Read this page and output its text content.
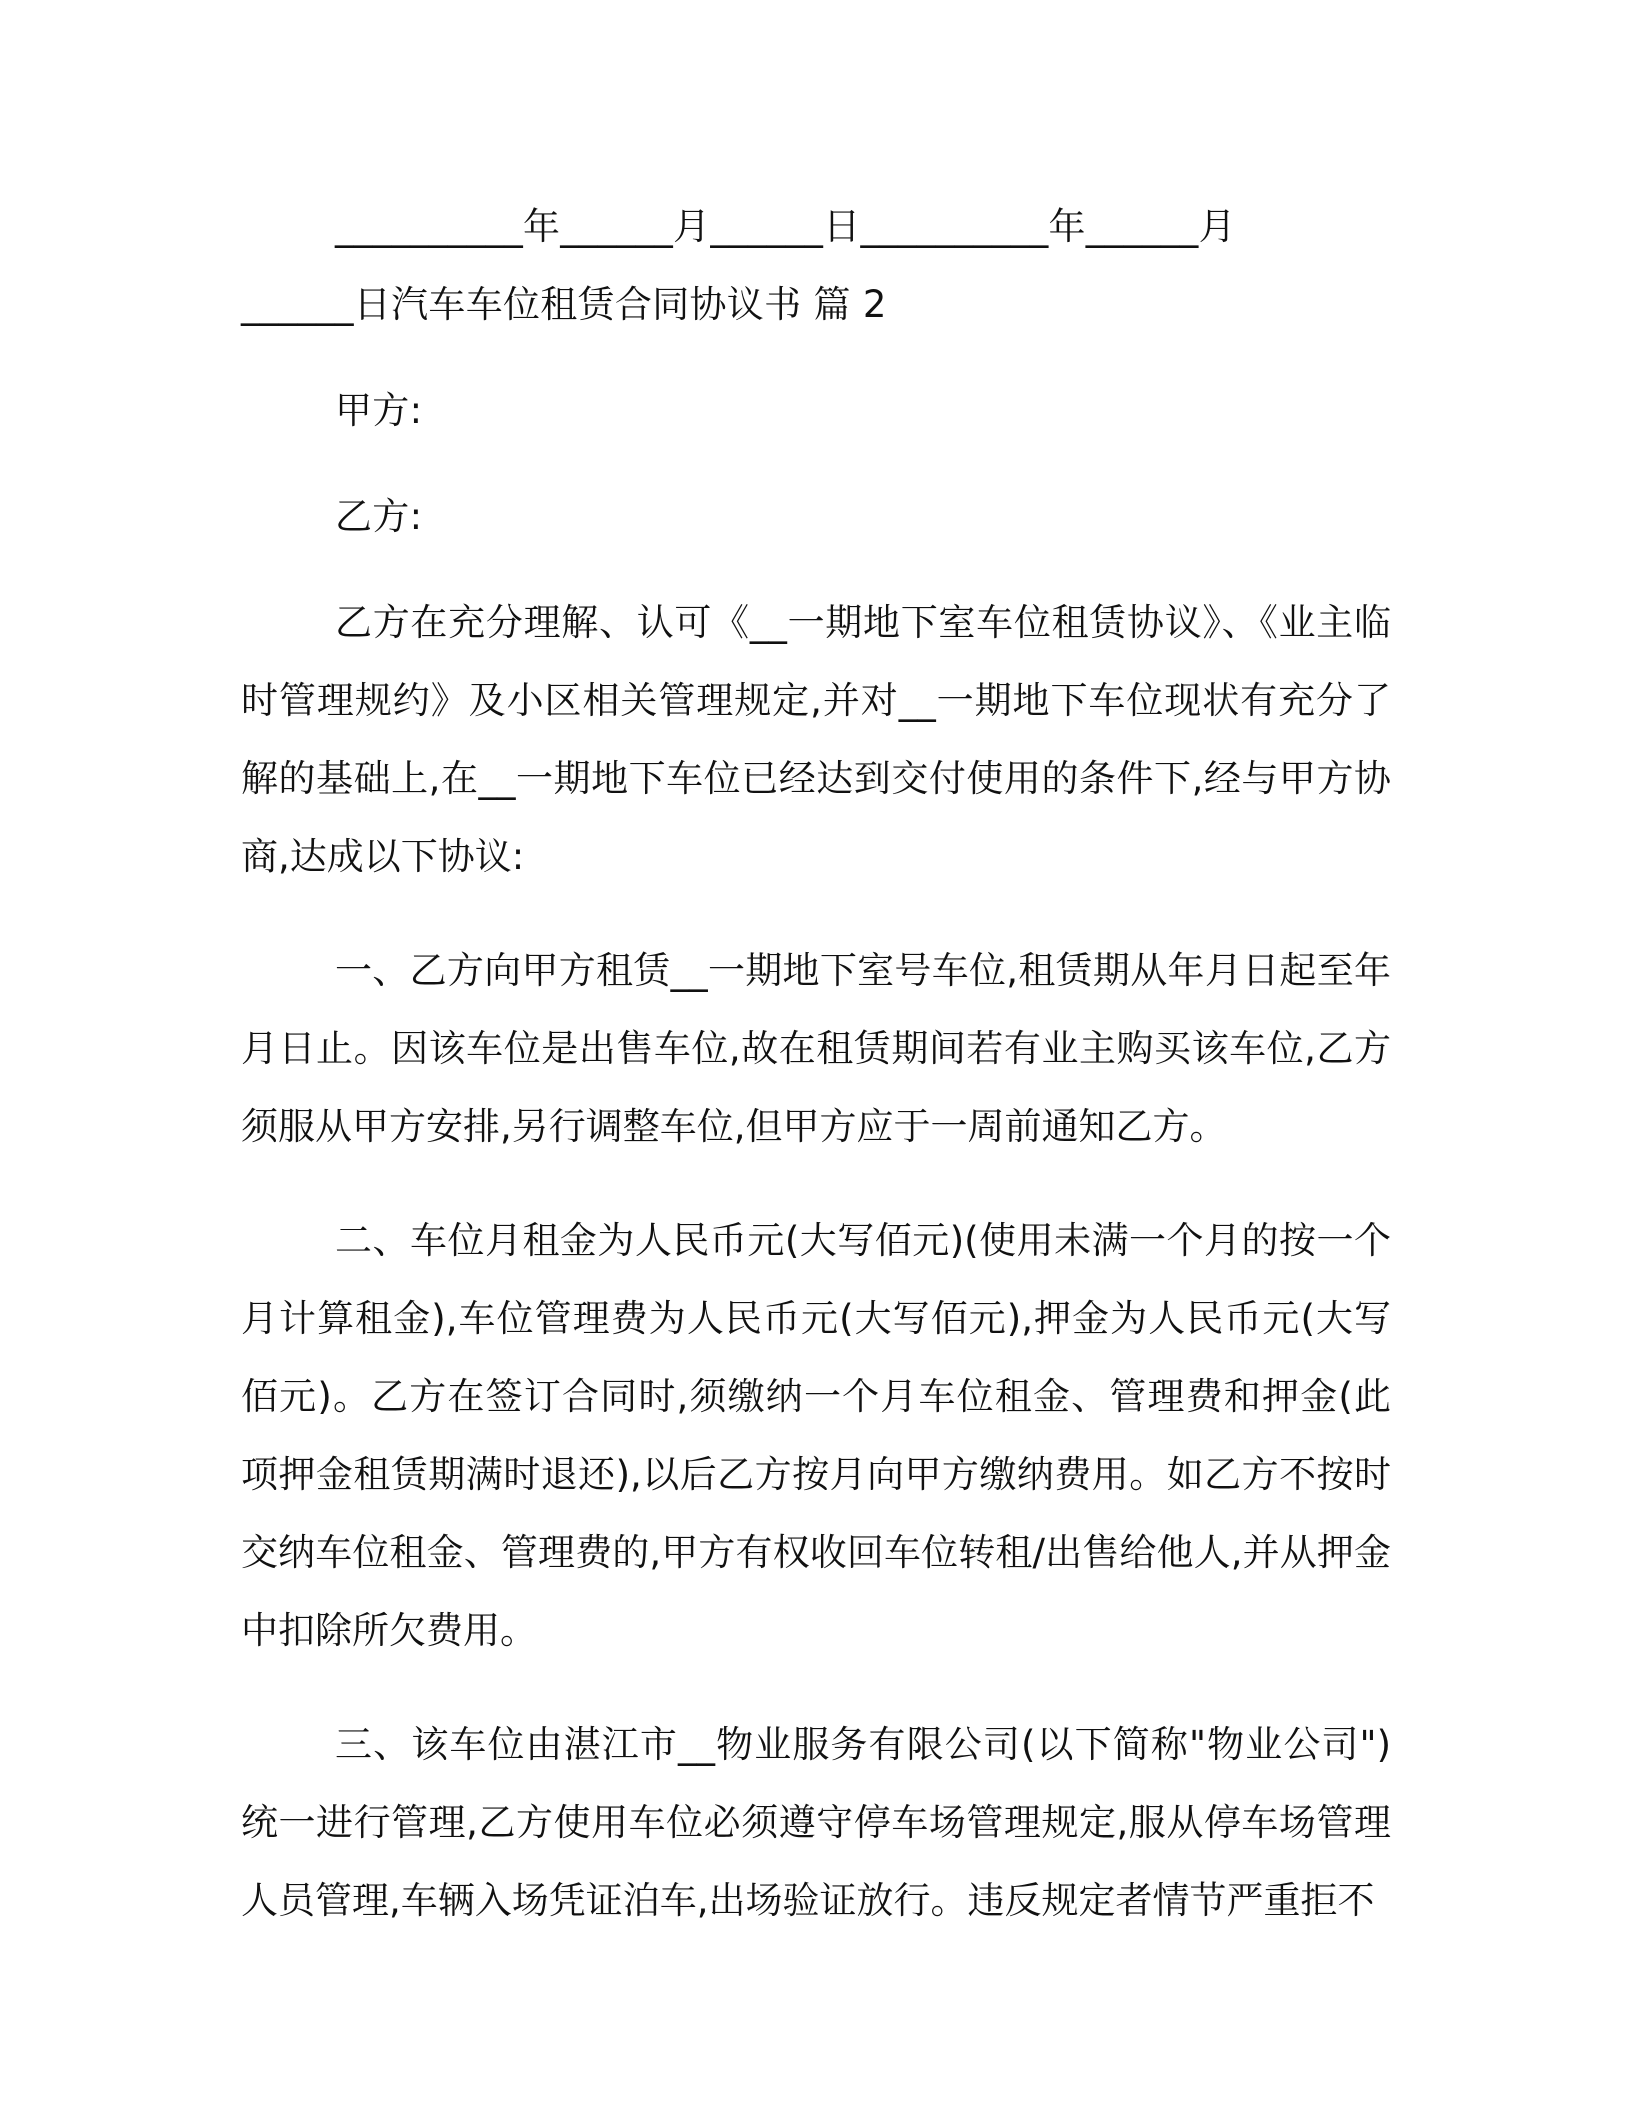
__________年______月______日__________年______月
______日汽车车位租赁合同协议书 篇 2
甲方:
乙方:

乙方在充分理解、认可《__一期地下室车位租赁协议》、《业主临时管理规约》及小区相关管理规定,并对__一期地下车位现状有充分了解的基础上,在__一期地下车位已经达到交付使用的条件下,经与甲方协商,达成以下协议:

一、乙方向甲方租赁__一期地下室号车位,租赁期从年月日起至年月日止。因该车位是出售车位,故在租赁期间若有业主购买该车位,乙方须服从甲方安排,另行调整车位,但甲方应于一周前通知乙方。

二、车位月租金为人民币元(大写佰元)(使用未满一个月的按一个月计算租金),车位管理费为人民币元(大写佰元),押金为人民币元(大写佰元)。乙方在签订合同时,须缴纳一个月车位租金、管理费和押金(此项押金租赁期满时退还),以后乙方按月向甲方缴纳费用。如乙方不按时交纳车位租金、管理费的,甲方有权收回车位转租/出售给他人,并从押金中扣除所欠费用。

三、该车位由湛江市__物业服务有限公司(以下简称"物业公司")统一进行管理,乙方使用车位必须遵守停车场管理规定,服从停车场管理人员管理,车辆入场凭证泊车,出场验证放行。违反规定者情节严重拒不
